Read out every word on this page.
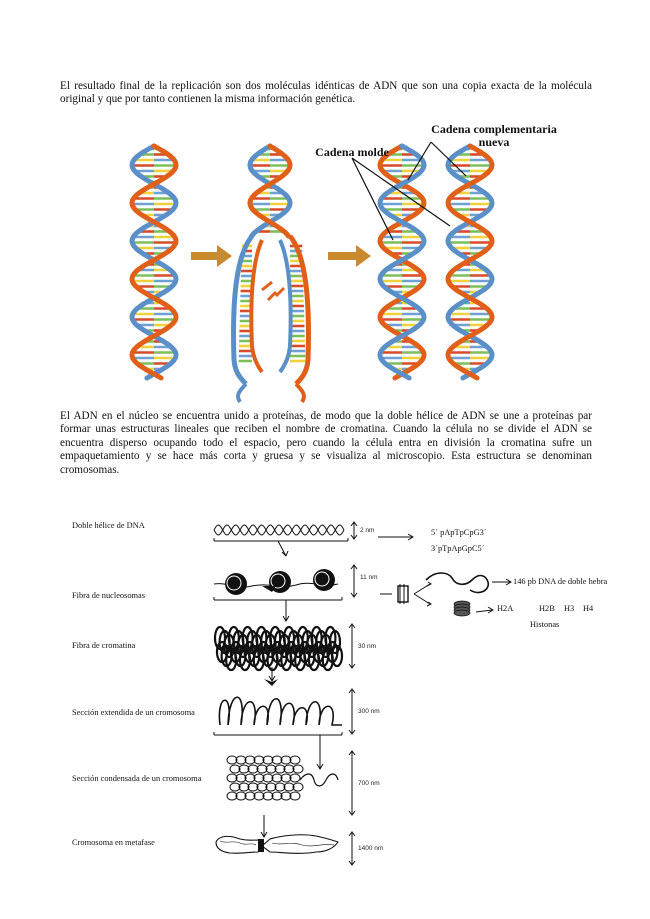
El resultado final de la replicación son dos moléculas idénticas de ADN que son una copia exacta de la molécula original y que por tanto contienen la misma información genética.

Cadena molde
Cadena complementaria
nueva

El ADN en el núcleo se encuentra unido a proteínas, de modo que la doble hélice de ADN se une a proteínas par formar unas estructuras lineales que reciben el nombre de cromatina. Cuando la célula no se divide el ADN se encuentra disperso ocupando todo el espacio, pero cuando la célula entra en división la cromatina sufre un empaquetamiento y se hace más corta y gruesa y se visualiza al microscopio. Esta estructura se denominan cromosomas.

Doble hélice de DNA
Fibra de nucleosomas
Fibra de cromatina
Sección extendida de un cromosoma
Sección condensada de un cromosoma
Cromosoma en metafase
2 nm
11 nm
30 nm
300 nm
700 nm
1400 nm
5´ pApTpCpG3´
3´pTpApGpC5´
146 pb DNA de doble hebra
H2A	H2B H3 H4
Histonas
